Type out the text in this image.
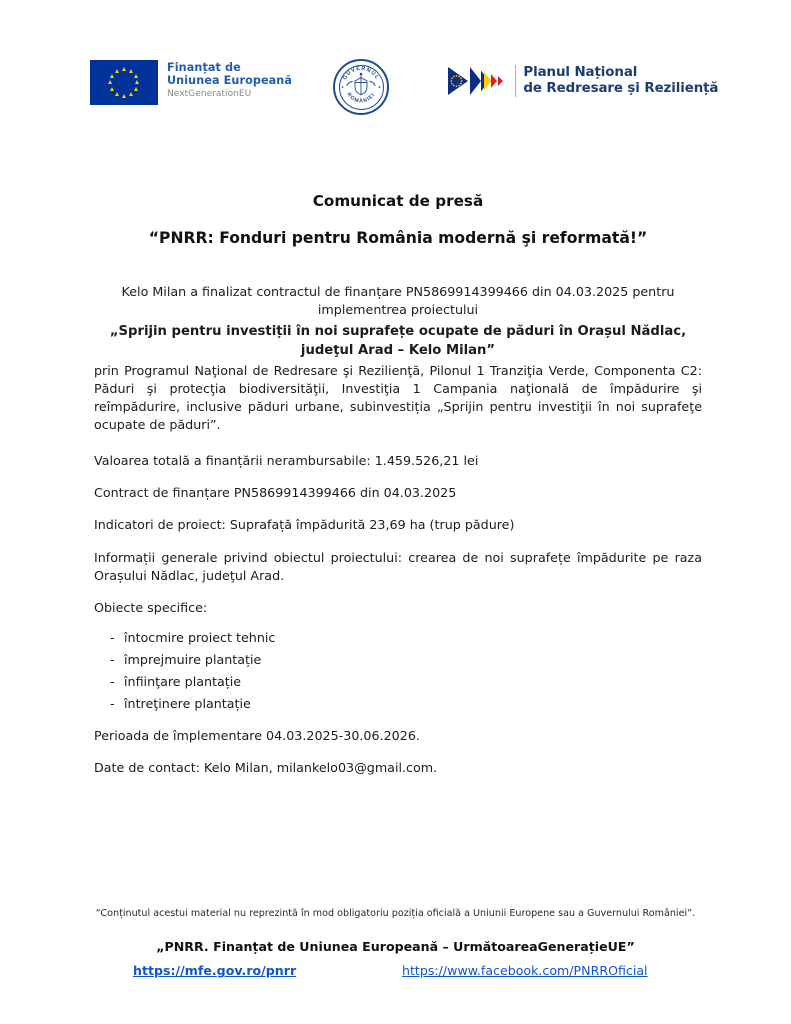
Finanțat de
Uniunea Europeană
NextGenerationEU
GUVERNUL
ROMÂNIEI
Planul Național
de Redresare și Reziliență
Comunicat de presă
“PNRR: Fonduri pentru România modernă şi reformată!”

Kelo Milan a finalizat contractul de finanțare PN5869914399466 din 04.03.2025 pentru

implementrea proiectului

„Sprijin pentru investiții în noi suprafețe ocupate de păduri în Orașul Nădlac,

judeţul Arad – Kelo Milan”

prin Programul Naţional de Redresare şi Rezilienţă, Pilonul 1 Tranziţia Verde, Componenta C2: Păduri şi protecţia biodiversităţii, Investiţia 1 Campania naţională de împădurire şi reîmpădurire, inclusive păduri urbane, subinvestiția „Sprijin pentru investiţii în noi suprafeţe ocupate de păduri”.

Valoarea totală a finanțării nerambursabile: 1.459.526,21 lei

Contract de finanțare PN5869914399466 din 04.03.2025

Indicatori de proiect: Suprafață împădurită 23,69 ha (trup pădure)

Informații generale privind obiectul proiectului: crearea de noi suprafețe împădurite pe raza Orașului Nădlac, judeţul Arad.

Obiecte specifice:

- întocmire proiect tehnic
- împrejmuire plantație
- înfiinţare plantație
- întreţinere plantație

Perioada de împlementare 04.03.2025-30.06.2026.

Date de contact: Kelo Milan, milankelo03@gmail.com.

“Conținutul acestui material nu reprezintă în mod obligatoriu poziția oficială a Uniunii Europene sau a Guvernului României”.
„PNRR. Finanțat de Uniunea Europeană – UrmătoareaGenerațieUE”
https://mfe.gov.ro/pnrr	https://www.facebook.com/PNRROficial
